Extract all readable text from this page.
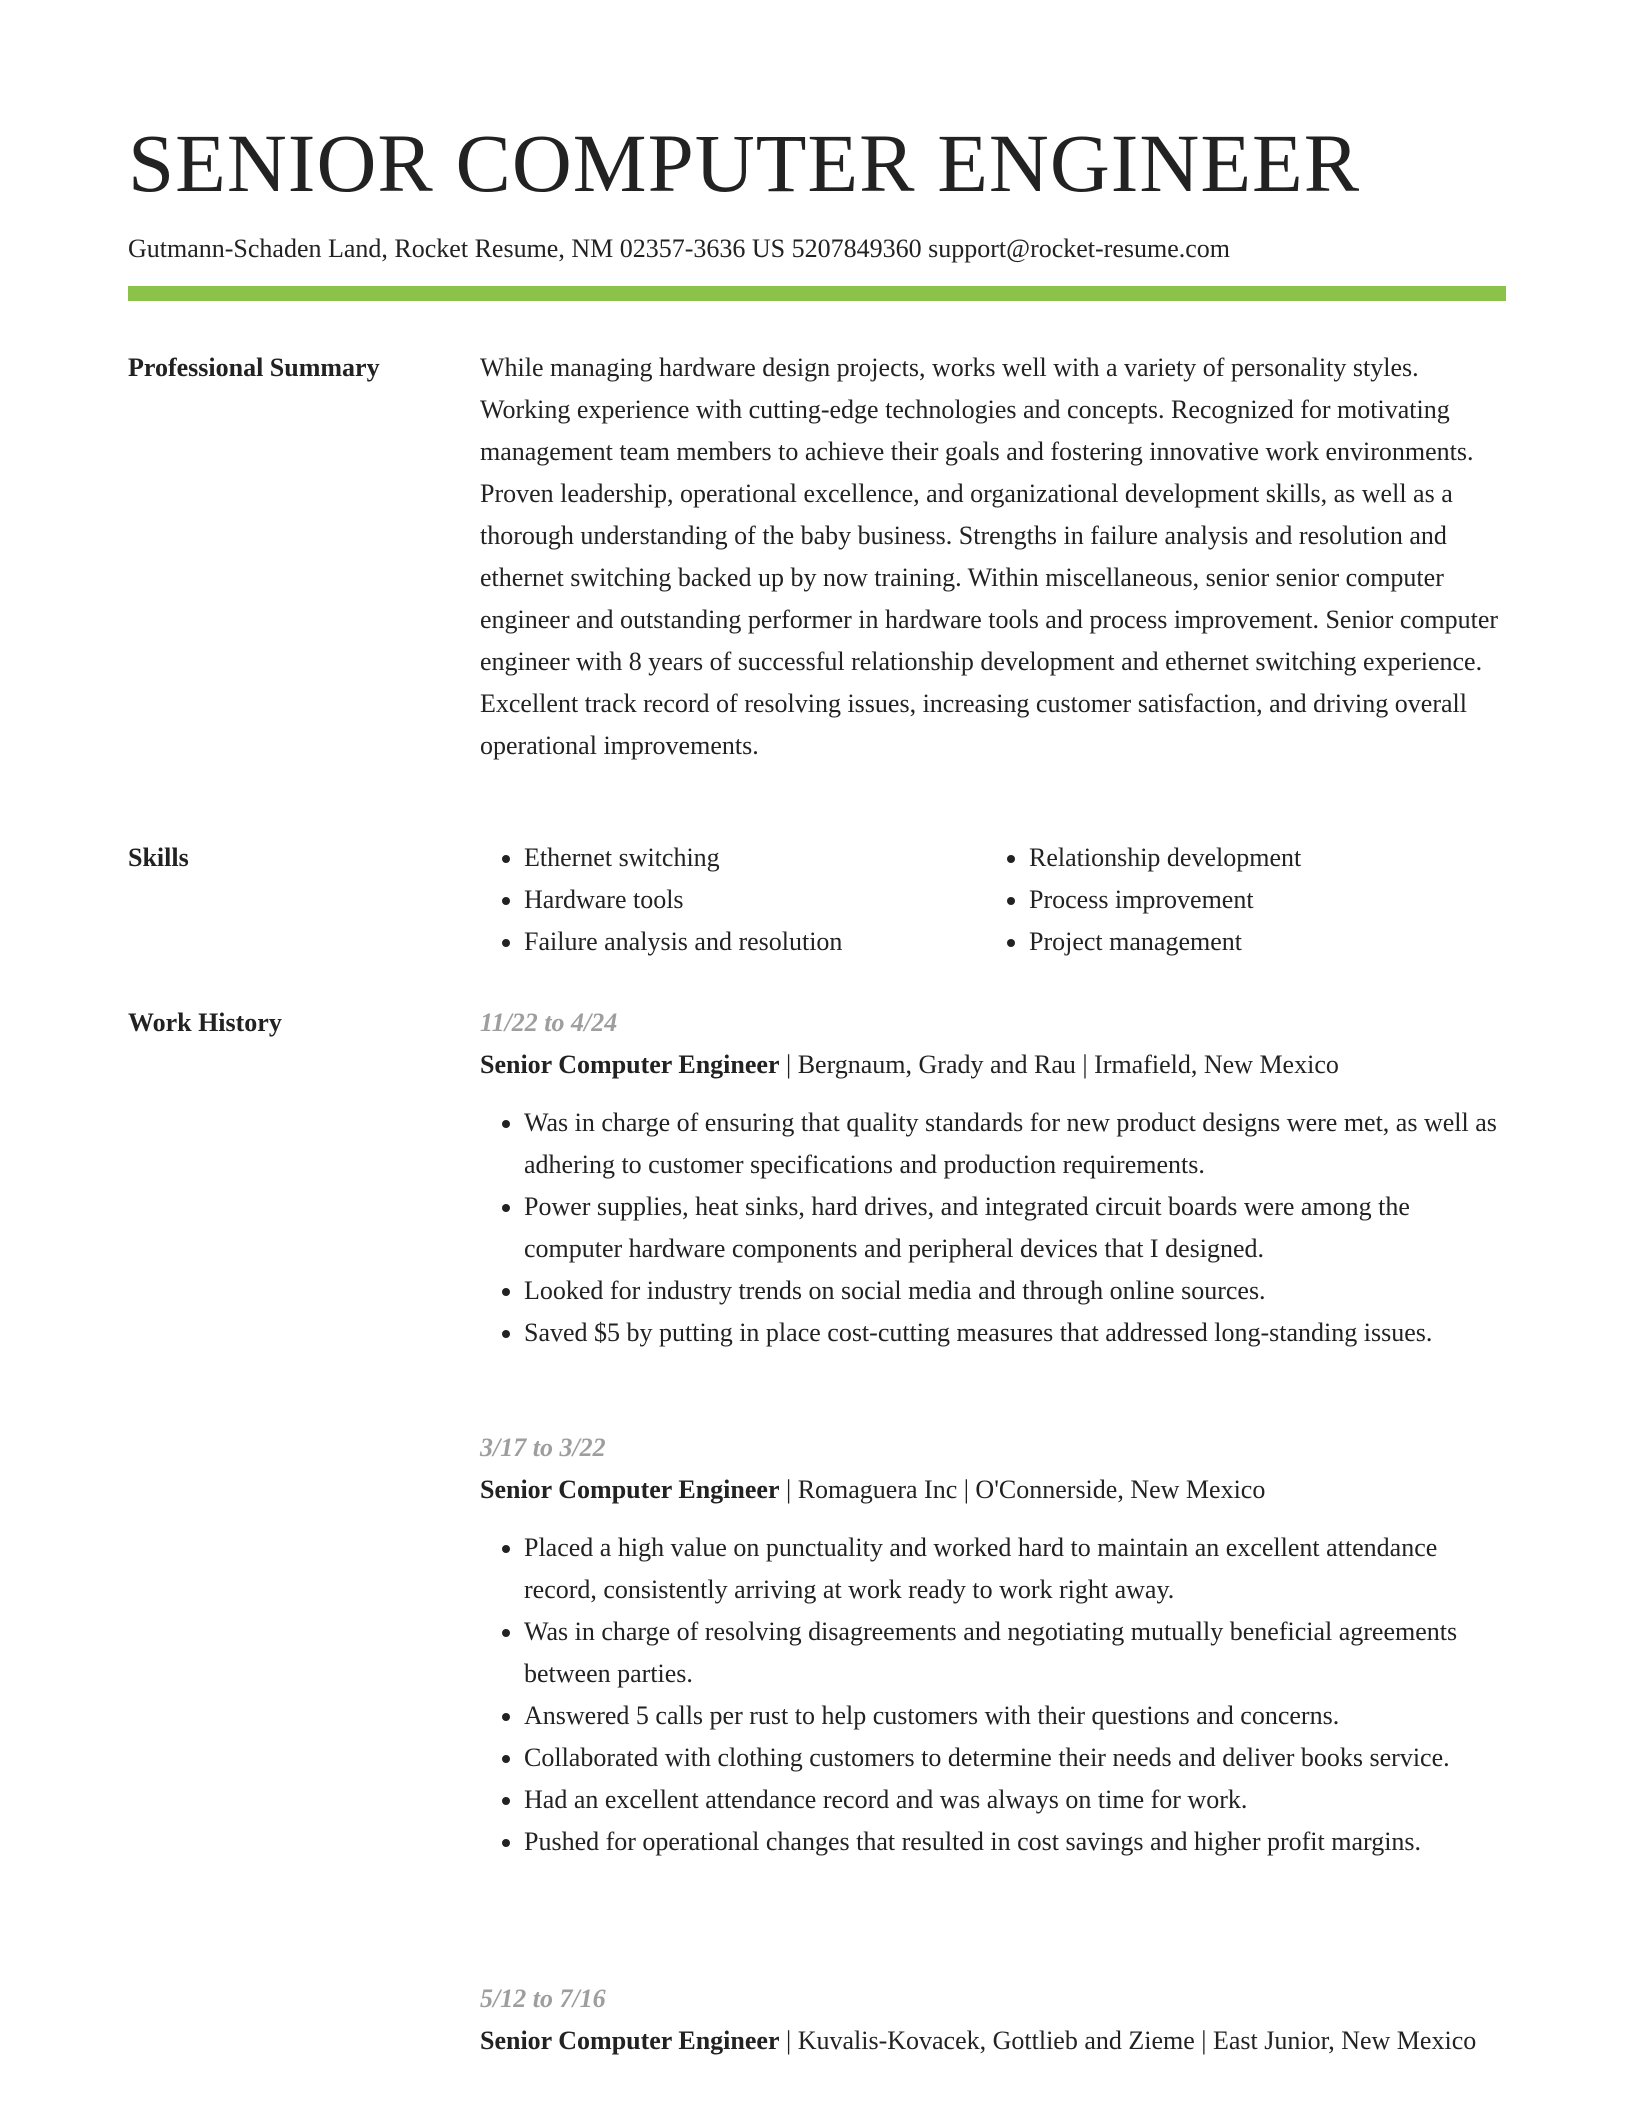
SENIOR COMPUTER ENGINEER

Gutmann-Schaden Land, Rocket Resume, NM 02357-3636 US 5207849360 support@rocket-resume.com

Professional Summary	While managing hardware design projects, works well with a variety of personality styles. Working experience with cutting-edge technologies and concepts. Recognized for motivating management team members to achieve their goals and fostering innovative work environments. Proven leadership, operational excellence, and organizational development skills, as well as a thorough understanding of the baby business. Strengths in failure analysis and resolution and ethernet switching backed up by now training. Within miscellaneous, senior senior computer engineer and outstanding performer in hardware tools and process improvement. Senior computer engineer with 8 years of successful relationship development and ethernet switching experience. Excellent track record of resolving issues, increasing customer satisfaction, and driving overall operational improvements.

Skills
•	Ethernet switching
• Hardware tools
• Failure analysis and resolution
• Relationship development
• Process improvement
• Project management
Work History	11/22 to 4/24

Senior Computer Engineer | Bergnaum, Grady and Rau | Irmafield, New Mexico

• Was in charge of ensuring that quality standards for new product designs were met, as well as adhering to customer specifications and production requirements.
• Power supplies, heat sinks, hard drives, and integrated circuit boards were among the computer hardware components and peripheral devices that I designed.
• Looked for industry trends on social media and through online sources.
• Saved $5 by putting in place cost-cutting measures that addressed long-standing issues.

3/17 to 3/22

Senior Computer Engineer | Romaguera Inc | O'Connerside, New Mexico

• Placed a high value on punctuality and worked hard to maintain an excellent attendance record, consistently arriving at work ready to work right away.
• Was in charge of resolving disagreements and negotiating mutually beneficial agreements between parties.
• Answered 5 calls per rust to help customers with their questions and concerns.
• Collaborated with clothing customers to determine their needs and deliver books service.
• Had an excellent attendance record and was always on time for work.
• Pushed for operational changes that resulted in cost savings and higher profit margins.

5/12 to 7/16

Senior Computer Engineer | Kuvalis-Kovacek, Gottlieb and Zieme | East Junior, New Mexico
